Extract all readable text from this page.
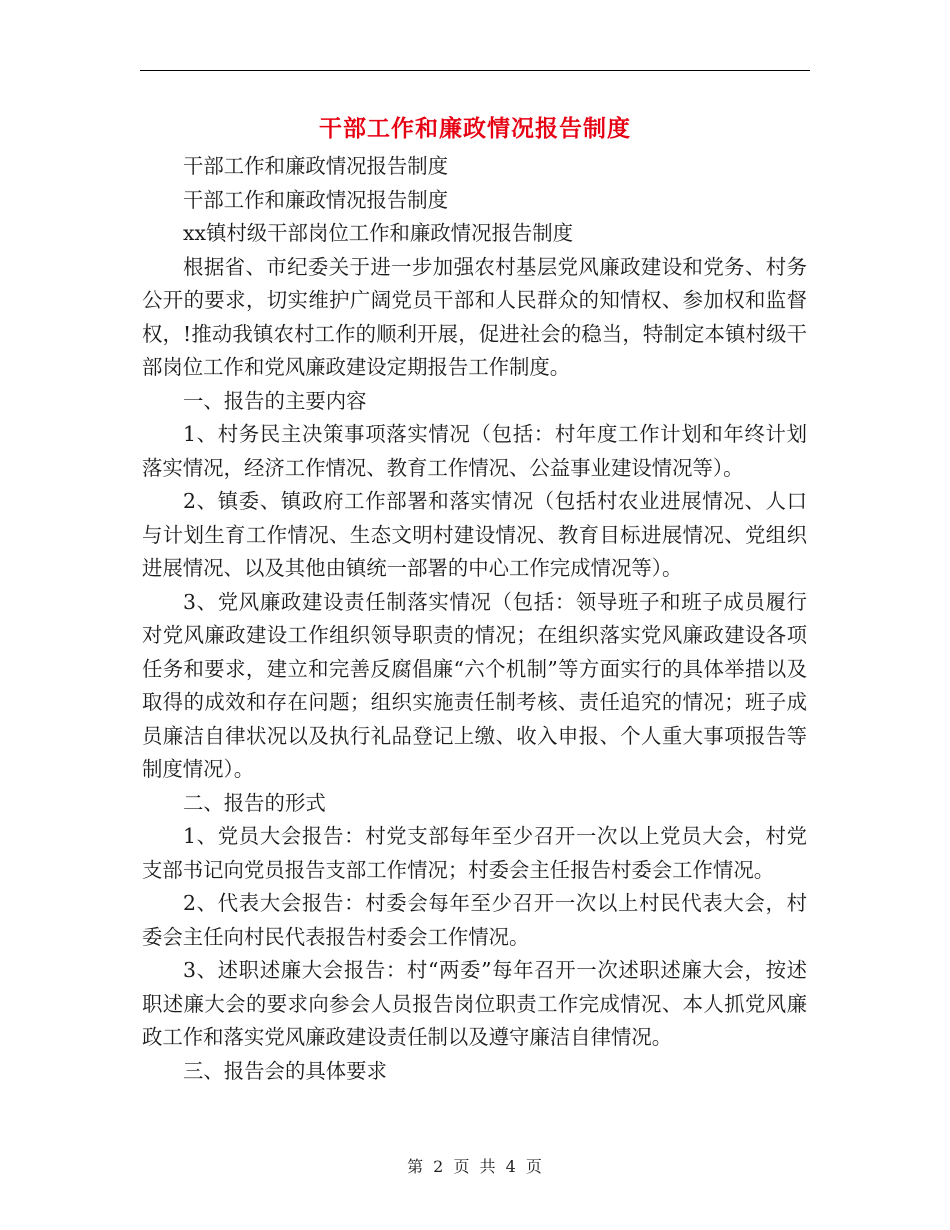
干部工作和廉政情况报告制度

干部工作和廉政情况报告制度

干部工作和廉政情况报告制度

xx镇村级干部岗位工作和廉政情况报告制度

根据省、市纪委关于进一步加强农村基层党风廉政建设和党务、村务公开的要求，切实维护广阔党员干部和人民群众的知情权、参加权和监督权，!推动我镇农村工作的顺利开展，促进社会的稳当，特制定本镇村级干部岗位工作和党风廉政建设定期报告工作制度。

一、报告的主要内容

1、村务民主决策事项落实情况（包括：村年度工作计划和年终计划落实情况，经济工作情况、教育工作情况、公益事业建设情况等）。

2、镇委、镇政府工作部署和落实情况（包括村农业进展情况、人口与计划生育工作情况、生态文明村建设情况、教育目标进展情况、党组织进展情况、以及其他由镇统一部署的中心工作完成情况等）。

3、党风廉政建设责任制落实情况（包括：领导班子和班子成员履行对党风廉政建设工作组织领导职责的情况；在组织落实党风廉政建设各项任务和要求，建立和完善反腐倡廉“六个机制”等方面实行的具体举措以及取得的成效和存在问题；组织实施责任制考核、责任追究的情况；班子成员廉洁自律状况以及执行礼品登记上缴、收入申报、个人重大事项报告等制度情况）。

二、报告的形式

1、党员大会报告：村党支部每年至少召开一次以上党员大会，村党支部书记向党员报告支部工作情况；村委会主任报告村委会工作情况。

2、代表大会报告：村委会每年至少召开一次以上村民代表大会，村委会主任向村民代表报告村委会工作情况。

3、述职述廉大会报告：村“两委”每年召开一次述职述廉大会，按述职述廉大会的要求向参会人员报告岗位职责工作完成情况、本人抓党风廉政工作和落实党风廉政建设责任制以及遵守廉洁自律情况。

三、报告会的具体要求

第 2 页 共 4 页
